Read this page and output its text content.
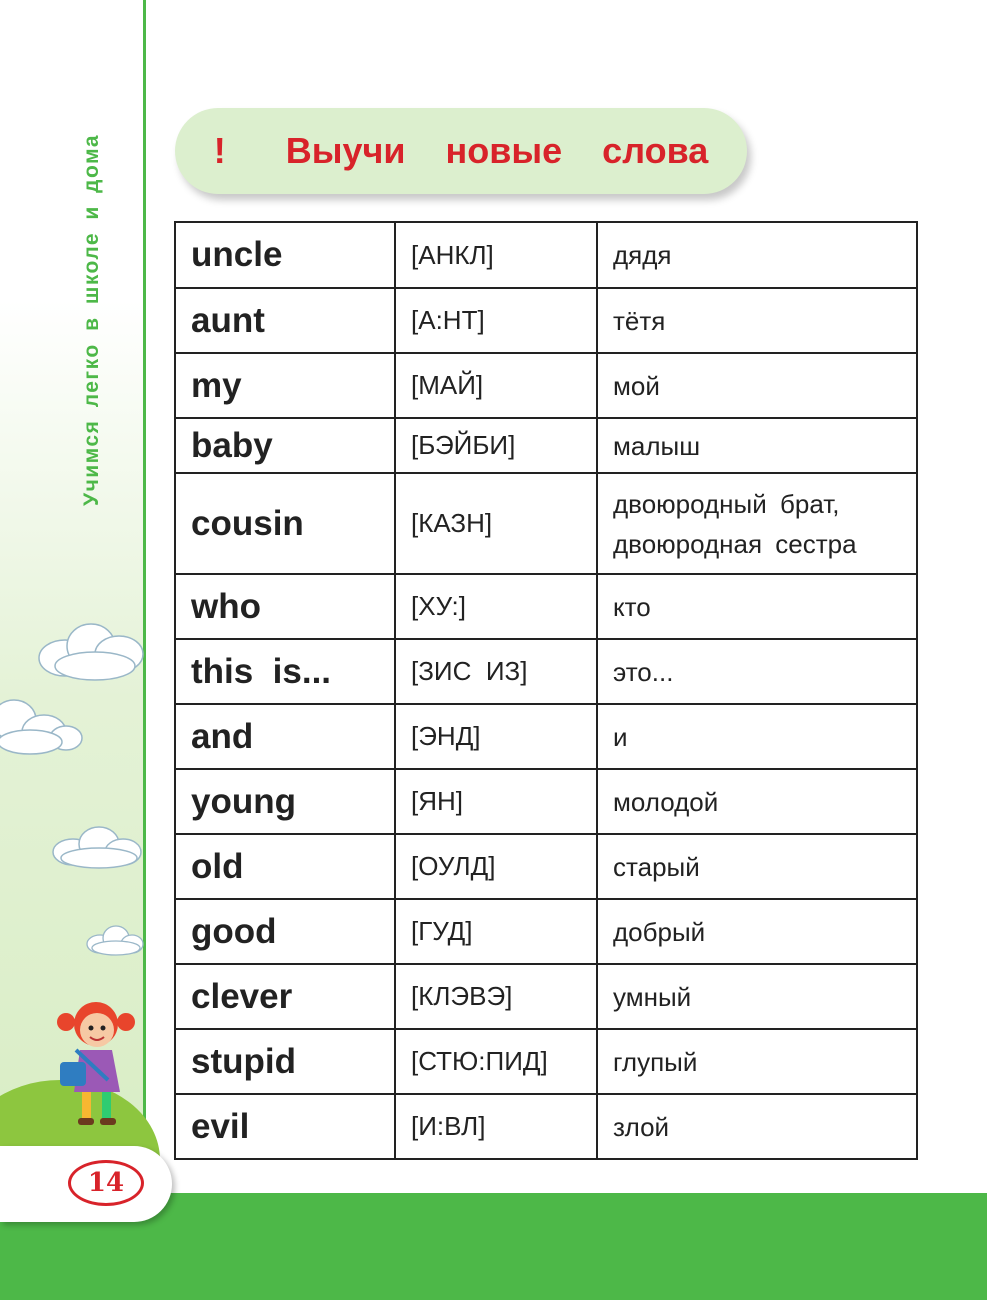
Учимся легко в школе и дома
14
!
Выучи  новые  слова
uncle	[АНКЛ]	дядя
aunt	[А:НТ]	тётя
my	[МАЙ]	мой
baby	[БЭЙБИ]	малыш
cousin	[КАЗН]	двоюродный брат,
двоюродная сестра
who	[ХУ:]	кто
this  is...	[ЗИС  ИЗ]	это...
and	[ЭНД]	и
young	[ЯН]	молодой
old	[ОУЛД]	старый
good	[ГУД]	добрый
clever	[КЛЭВЭ]	умный
stupid	[СТЮ:ПИД]	глупый
evil	[И:ВЛ]	злой
